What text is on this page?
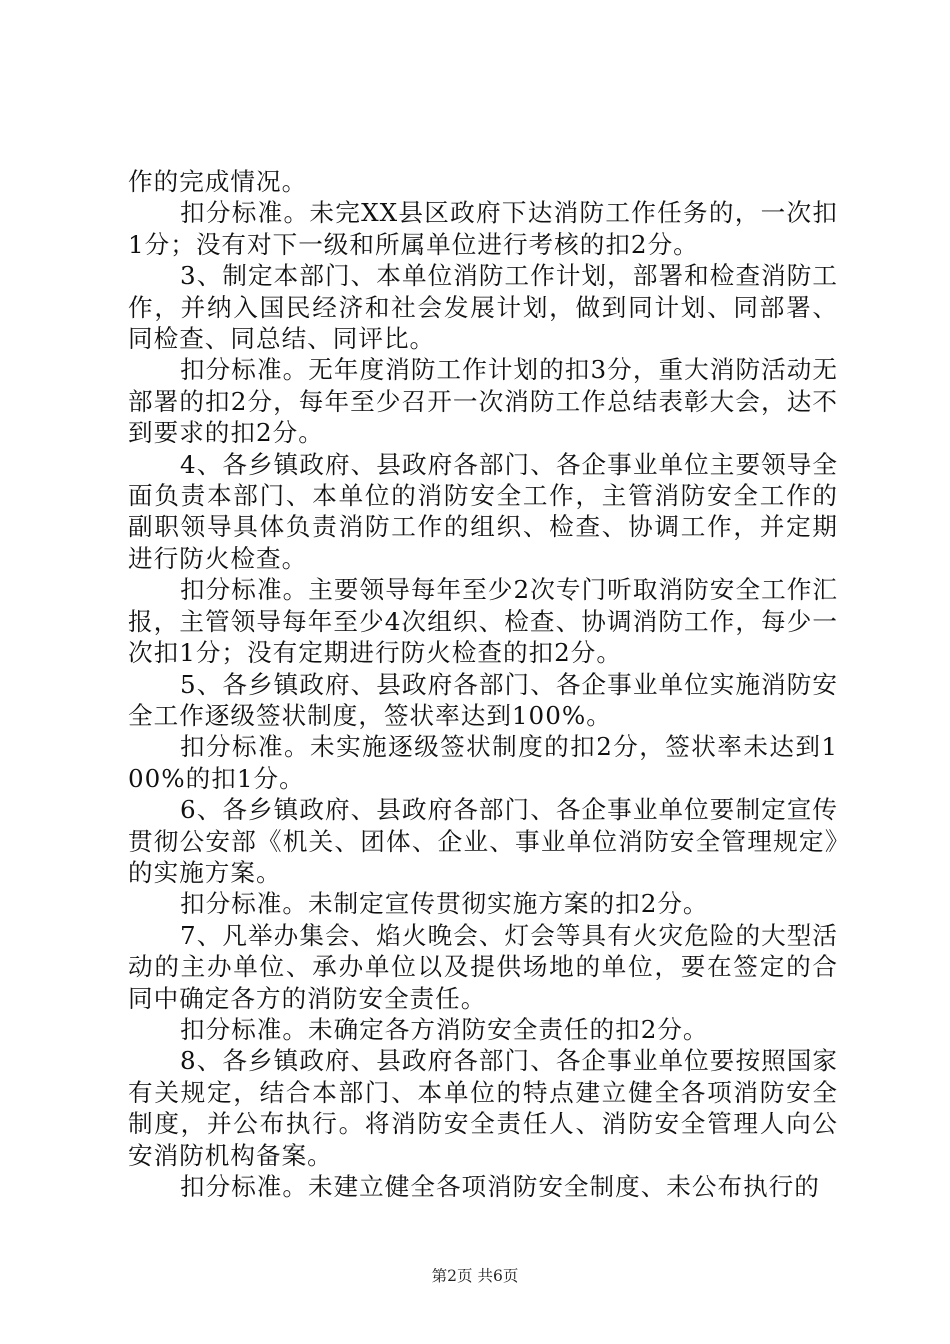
作的完成情况。

扣分标准。未完XX县区政府下达消防工作任务的，一次扣1分；没有对下一级和所属单位进行考核的扣2分。

3、制定本部门、本单位消防工作计划，部署和检查消防工作，并纳入国民经济和社会发展计划，做到同计划、同部署、同检查、同总结、同评比。

扣分标准。无年度消防工作计划的扣3分，重大消防活动无部署的扣2分，每年至少召开一次消防工作总结表彰大会，达不到要求的扣2分。

4、各乡镇政府、县政府各部门、各企事业单位主要领导全面负责本部门、本单位的消防安全工作，主管消防安全工作的副职领导具体负责消防工作的组织、检查、协调工作，并定期进行防火检查。

扣分标准。主要领导每年至少2次专门听取消防安全工作汇报，主管领导每年至少4次组织、检查、协调消防工作，每少一次扣1分；没有定期进行防火检查的扣2分。

5、各乡镇政府、县政府各部门、各企事业单位实施消防安全工作逐级签状制度，签状率达到100%。

扣分标准。未实施逐级签状制度的扣2分，签状率未达到100%的扣1分。

6、各乡镇政府、县政府各部门、各企事业单位要制定宣传贯彻公安部《机关、团体、企业、事业单位消防安全管理规定》的实施方案。

扣分标准。未制定宣传贯彻实施方案的扣2分。

7、凡举办集会、焰火晚会、灯会等具有火灾危险的大型活动的主办单位、承办单位以及提供场地的单位，要在签定的合同中确定各方的消防安全责任。

扣分标准。未确定各方消防安全责任的扣2分。

8、各乡镇政府、县政府各部门、各企事业单位要按照国家有关规定，结合本部门、本单位的特点建立健全各项消防安全制度，并公布执行。将消防安全责任人、消防安全管理人向公安消防机构备案。

扣分标准。未建立健全各项消防安全制度、未公布执行的

第2页 共6页
